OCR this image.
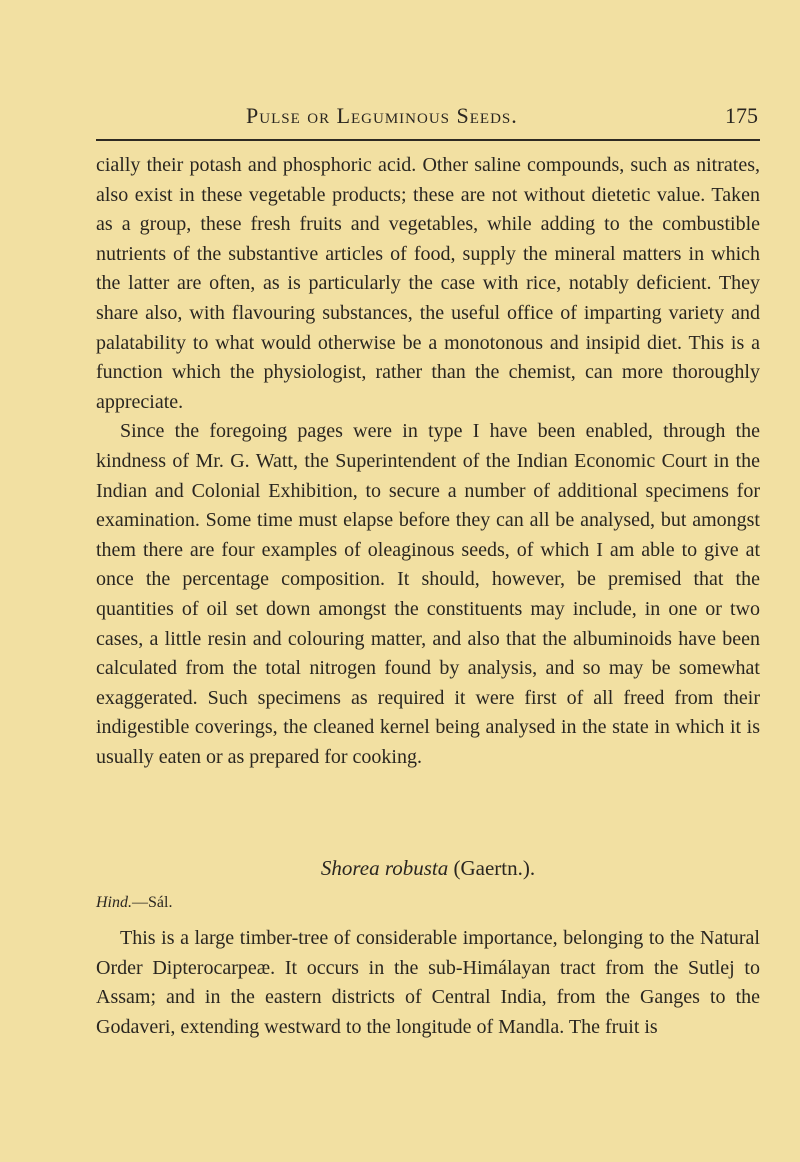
Pulse or Leguminous Seeds.	175

cially their potash and phosphoric acid. Other saline compounds, such as nitrates, also exist in these vegetable products; these are not without dietetic value. Taken as a group, these fresh fruits and vegetables, while adding to the combustible nutrients of the substantive articles of food, supply the mineral matters in which the latter are often, as is particularly the case with rice, notably deficient. They share also, with flavouring substances, the useful office of imparting variety and palatability to what would otherwise be a monotonous and insipid diet. This is a function which the physiologist, rather than the chemist, can more thoroughly appreciate.

Since the foregoing pages were in type I have been enabled, through the kindness of Mr. G. Watt, the Superintendent of the Indian Economic Court in the Indian and Colonial Exhibition, to secure a number of additional specimens for examination. Some time must elapse before they can all be analysed, but amongst them there are four examples of oleaginous seeds, of which I am able to give at once the percentage composition. It should, however, be premised that the quantities of oil set down amongst the constituents may include, in one or two cases, a little resin and colouring matter, and also that the albuminoids have been calculated from the total nitrogen found by analysis, and so may be somewhat exaggerated. Such specimens as required it were first of all freed from their indigestible coverings, the cleaned kernel being analysed in the state in which it is usually eaten or as prepared for cooking.

Shorea robusta (Gaertn.).
Hind.—Sál.

This is a large timber-tree of considerable importance, belonging to the Natural Order Dipterocarpeæ. It occurs in the sub-Himálayan tract from the Sutlej to Assam; and in the eastern districts of Central India, from the Ganges to the Godaveri, extending westward to the longitude of Mandla. The fruit is
